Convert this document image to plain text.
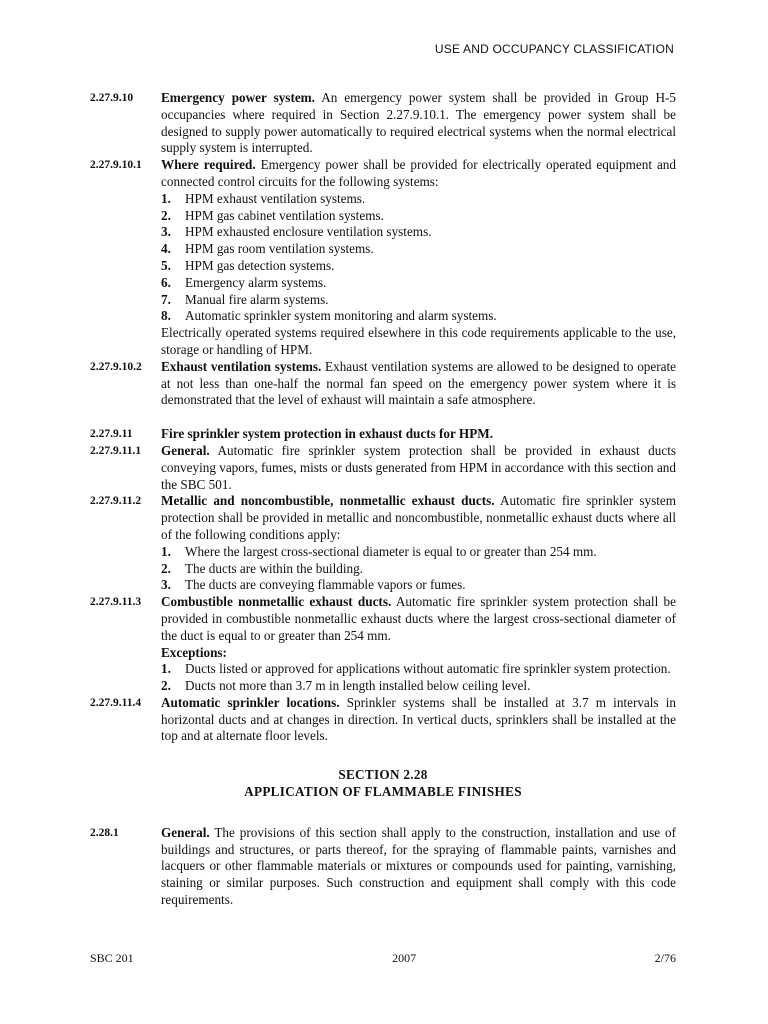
USE AND OCCUPANCY CLASSIFICATION
2.27.9.10	Emergency power system. An emergency power system shall be provided in Group H-5 occupancies where required in Section 2.27.9.10.1. The emergency power system shall be designed to supply power automatically to required electrical systems when the normal electrical supply system is interrupted.
2.27.9.10.1	Where required. Emergency power shall be provided for electrically operated equipment and connected control circuits for the following systems:
1.	HPM exhaust ventilation systems.
2.	HPM gas cabinet ventilation systems.
3.	HPM exhausted enclosure ventilation systems.
4.	HPM gas room ventilation systems.
5.	HPM gas detection systems.
6.	Emergency alarm systems.
7.	Manual fire alarm systems.
8.	Automatic sprinkler system monitoring and alarm systems.
Electrically operated systems required elsewhere in this code requirements applicable to the use, storage or handling of HPM.
2.27.9.10.2	Exhaust ventilation systems. Exhaust ventilation systems are allowed to be designed to operate at not less than one-half the normal fan speed on the emergency power system where it is demonstrated that the level of exhaust will maintain a safe atmosphere.
2.27.9.11	Fire sprinkler system protection in exhaust ducts for HPM.
2.27.9.11.1	General. Automatic fire sprinkler system protection shall be provided in exhaust ducts conveying vapors, fumes, mists or dusts generated from HPM in accordance with this section and the SBC 501.
2.27.9.11.2	Metallic and noncombustible, nonmetallic exhaust ducts. Automatic fire sprinkler system protection shall be provided in metallic and noncombustible, nonmetallic exhaust ducts where all of the following conditions apply:
1.	Where the largest cross-sectional diameter is equal to or greater than 254 mm.
2.	The ducts are within the building.
3.	The ducts are conveying flammable vapors or fumes.
2.27.9.11.3	Combustible nonmetallic exhaust ducts. Automatic fire sprinkler system protection shall be provided in combustible nonmetallic exhaust ducts where the largest cross-sectional diameter of the duct is equal to or greater than 254 mm.
Exceptions:
1.	Ducts listed or approved for applications without automatic fire sprinkler system protection.
2.	Ducts not more than 3.7 m in length installed below ceiling level.
2.27.9.11.4	Automatic sprinkler locations. Sprinkler systems shall be installed at 3.7 m intervals in horizontal ducts and at changes in direction. In vertical ducts, sprinklers shall be installed at the top and at alternate floor levels.
SECTION 2.28
APPLICATION OF FLAMMABLE FINISHES
2.28.1	General. The provisions of this section shall apply to the construction, installation and use of buildings and structures, or parts thereof, for the spraying of flammable paints, varnishes and lacquers or other flammable materials or mixtures or compounds used for painting, varnishing, staining or similar purposes. Such construction and equipment shall comply with this code requirements.
SBC 201	2007	2/76
